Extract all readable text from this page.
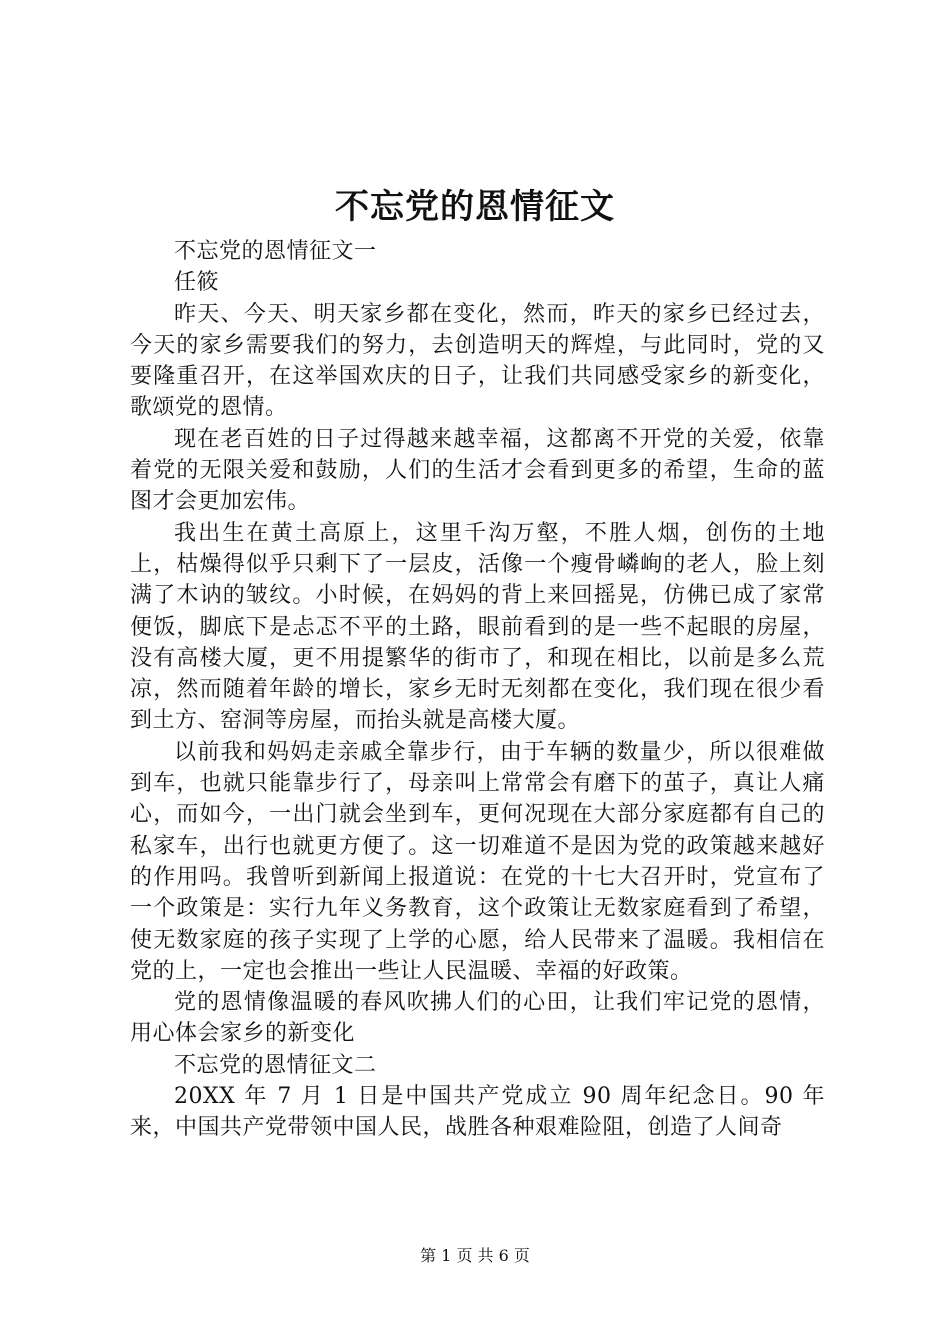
不忘党的恩情征文

不忘党的恩情征文一

任筱

昨天、今天、明天家乡都在变化，然而，昨天的家乡已经过去，今天的家乡需要我们的努力，去创造明天的辉煌，与此同时，党的又要隆重召开，在这举国欢庆的日子，让我们共同感受家乡的新变化，歌颂党的恩情。

现在老百姓的日子过得越来越幸福，这都离不开党的关爱，依靠着党的无限关爱和鼓励，人们的生活才会看到更多的希望，生命的蓝图才会更加宏伟。

我出生在黄土高原上，这里千沟万壑，不胜人烟，创伤的土地上，枯燥得似乎只剩下了一层皮，活像一个瘦骨嶙峋的老人，脸上刻满了木讷的皱纹。小时候，在妈妈的背上来回摇晃，仿佛已成了家常便饭，脚底下是忐忑不平的土路，眼前看到的是一些不起眼的房屋，没有高楼大厦，更不用提繁华的街市了，和现在相比，以前是多么荒凉，然而随着年龄的增长，家乡无时无刻都在变化，我们现在很少看到土方、窑洞等房屋，而抬头就是高楼大厦。

以前我和妈妈走亲戚全靠步行，由于车辆的数量少，所以很难做到车，也就只能靠步行了，母亲叫上常常会有磨下的茧子，真让人痛心，而如今，一出门就会坐到车，更何况现在大部分家庭都有自己的私家车，出行也就更方便了。这一切难道不是因为党的政策越来越好的作用吗。我曾听到新闻上报道说：在党的十七大召开时，党宣布了一个政策是：实行九年义务教育，这个政策让无数家庭看到了希望，使无数家庭的孩子实现了上学的心愿，给人民带来了温暖。我相信在党的上，一定也会推出一些让人民温暖、幸福的好政策。

党的恩情像温暖的春风吹拂人们的心田，让我们牢记党的恩情，用心体会家乡的新变化

不忘党的恩情征文二

20XX 年 7 月 1 日是中国共产党成立 90 周年纪念日。90 年来，中国共产党带领中国人民，战胜各种艰难险阻，创造了人间奇

第 1 页 共 6 页
